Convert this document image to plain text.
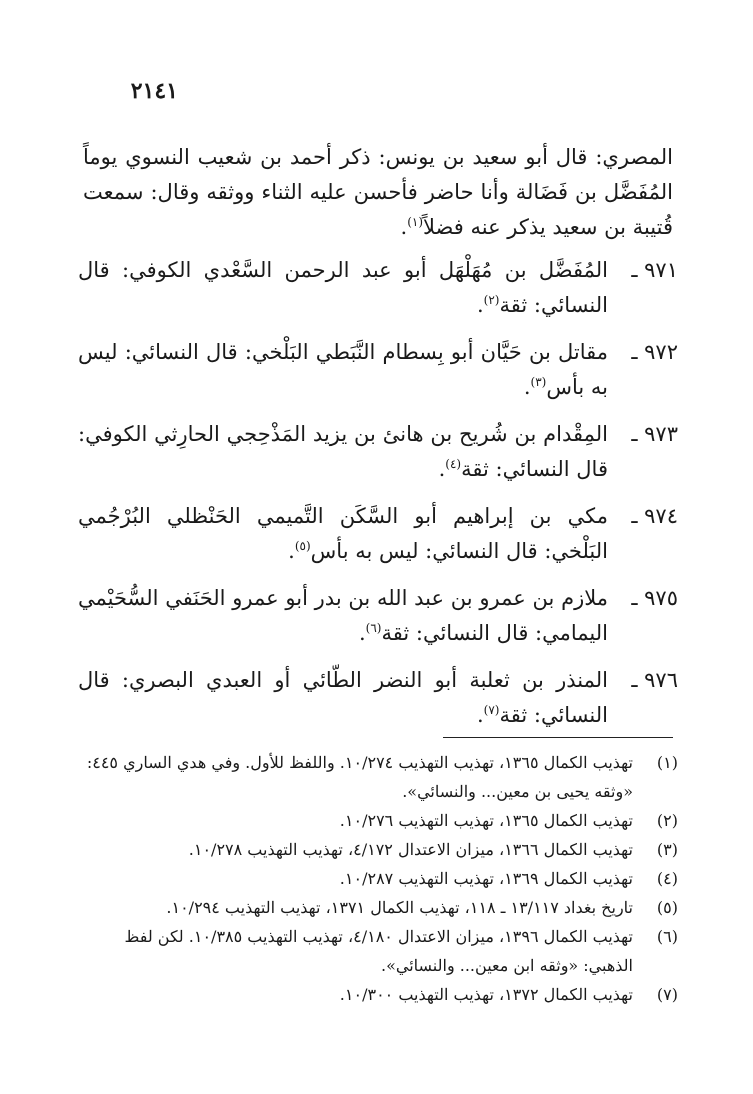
٢١٤١

المصري: قال أبو سعيد بن يونس: ذكر أحمد بن شعيب النسوي يوماً المُفَضَّل بن فَضَالة وأنا حاضر فأحسن عليه الثناء ووثقه وقال: سمعت قُتيبة بن سعيد يذكر عنه فضلاً$^{(١)}$.

٩٧١ ـ
المُفَضَّل بن مُهَلْهَل أبو عبد الرحمن السَّعْدي الكوفي: قال النسائي: ثقة$^{(٢)}$.
٩٧٢ ـ
مقاتل بن حَيَّان أبو بِسطام النَّبَطي البَلْخي: قال النسائي: ليس به بأس$^{(٣)}$.
٩٧٣ ـ
المِقْدام بن شُريح بن هانئ بن يزيد المَذْحِجي الحارِثي الكوفي: قال النسائي: ثقة$^{(٤)}$.
٩٧٤ ـ
مكي بن إبراهيم أبو السَّكَن التَّميمي الحَنْظلي البُرْجُمي البَلْخي: قال النسائي: ليس به بأس$^{(٥)}$.
٩٧٥ ـ
ملازم بن عمرو بن عبد الله بن بدر أبو عمرو الحَنَفي السُّحَيْمي اليمامي: قال النسائي: ثقة$^{(٦)}$.
٩٧٦ ـ
المنذر بن ثعلبة أبو النضر الطّائي أو العبدي البصري: قال النسائي: ثقة$^{(٧)}$.
(١)
تهذيب الكمال ١٣٦٥، تهذيب التهذيب ١٠/٢٧٤. واللفظ للأول. وفي هدي الساري ٤٤٥: «وثقه يحيى بن معين... والنسائي».
(٢)
تهذيب الكمال ١٣٦٥، تهذيب التهذيب ١٠/٢٧٦.
(٣)
تهذيب الكمال ١٣٦٦، ميزان الاعتدال ٤/١٧٢، تهذيب التهذيب ١٠/٢٧٨.
(٤)
تهذيب الكمال ١٣٦٩، تهذيب التهذيب ١٠/٢٨٧.
(٥)
تاريخ بغداد ١٣/١١٧ ـ ١١٨، تهذيب الكمال ١٣٧١، تهذيب التهذيب ١٠/٢٩٤.
(٦)
تهذيب الكمال ١٣٩٦، ميزان الاعتدال ٤/١٨٠، تهذيب التهذيب ١٠/٣٨٥. لكن لفظ الذهبي: «وثقه ابن معين... والنسائي».
(٧)
تهذيب الكمال ١٣٧٢، تهذيب التهذيب ١٠/٣٠٠.
